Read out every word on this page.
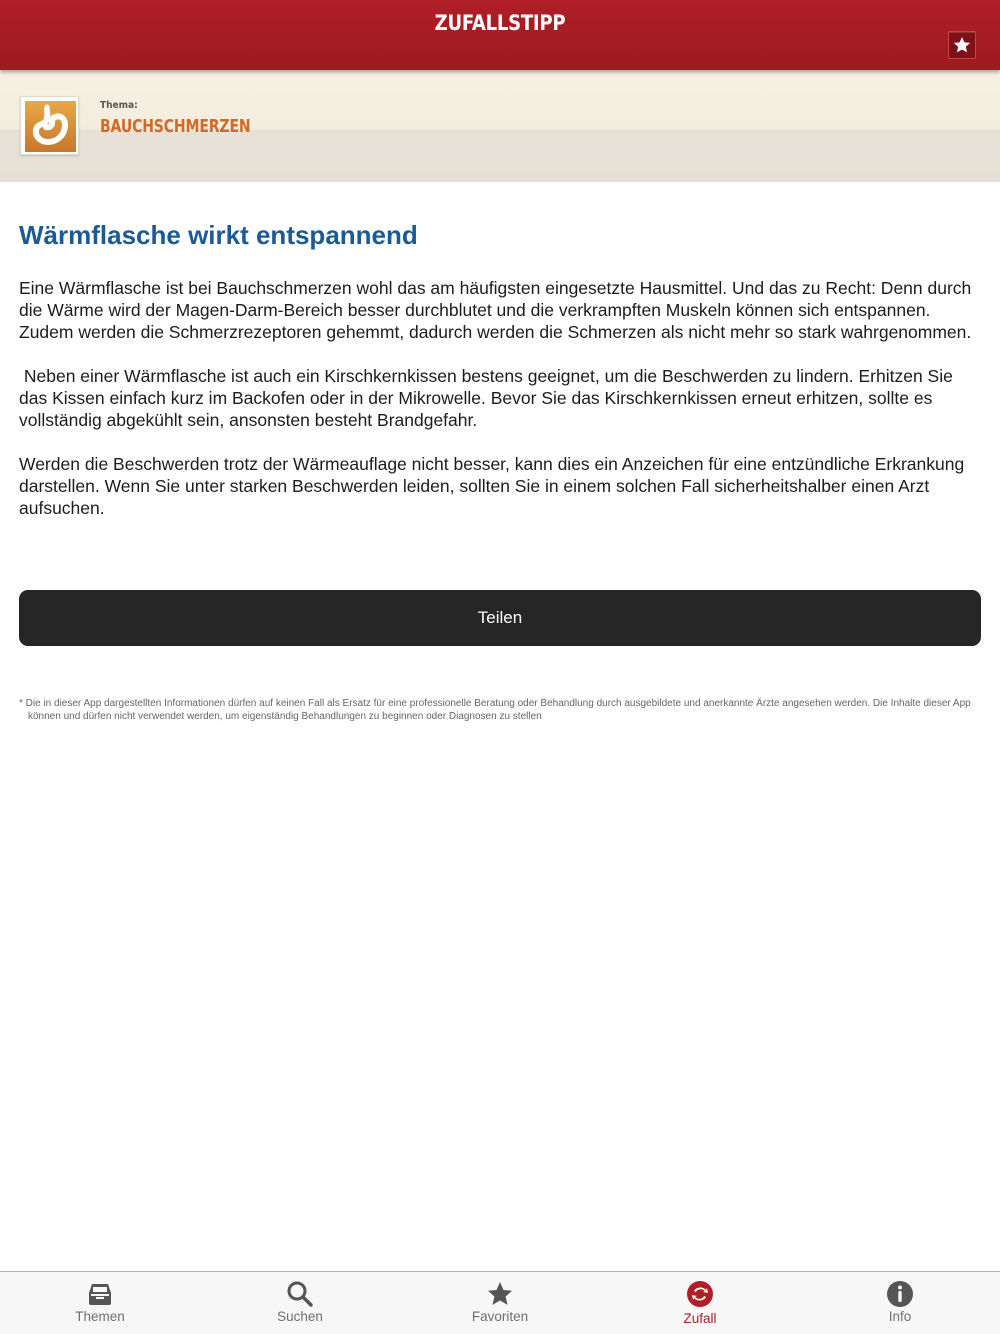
ZUFALLSTIPP
Thema:
BAUCHSCHMERZEN
Wärmflasche wirkt entspannend

Eine Wärmflasche ist bei Bauchschmerzen wohl das am häufigsten eingesetzte Hausmittel. Und das zu Recht: Denn durch die Wärme wird der Magen-Darm-Bereich besser durchblutet und die verkrampften Muskeln können sich entspannen. Zudem werden die Schmerzrezeptoren gehemmt, dadurch werden die Schmerzen als nicht mehr so stark wahrgenommen.

Neben einer Wärmflasche ist auch ein Kirschkernkissen bestens geeignet, um die Beschwerden zu lindern. Erhitzen Sie das Kissen einfach kurz im Backofen oder in der Mikrowelle. Bevor Sie das Kirschkernkissen erneut erhitzen, sollte es vollständig abgekühlt sein, ansonsten besteht Brandgefahr.

Werden die Beschwerden trotz der Wärmeauflage nicht besser, kann dies ein Anzeichen für eine entzündliche Erkrankung darstellen. Wenn Sie unter starken Beschwerden leiden, sollten Sie in einem solchen Fall sicherheitshalber einen Arzt aufsuchen.

Teilen
* Die in dieser App dargestellten Informationen dürfen auf keinen Fall als Ersatz für eine professionelle Beratung oder Behandlung durch ausgebildete und anerkannte Ärzte angesehen werden. Die Inhalte dieser App können und dürfen nicht verwendet werden, um eigenständig Behandlungen zu beginnen oder Diagnosen zu stellen
Themen	Suchen	Favoriten	Zufall	Info
